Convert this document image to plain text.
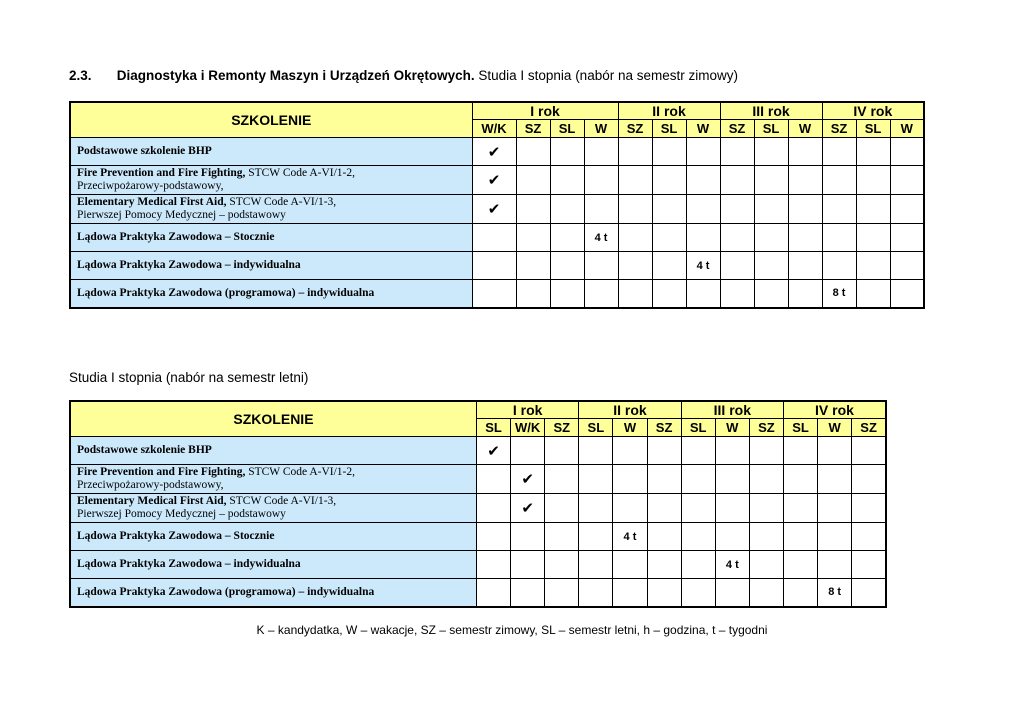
2.3. Diagnostyka i Remonty Maszyn i Urządzeń Okrętowych. Studia I stopnia (nabór na semestr zimowy)
SZKOLENIE	I rok				II rok			III rok			IV rok		
	W/K	SZ	SL	W	SZ	SL	W	SZ	SL	W	SZ	SL	W
Podstawowe szkolenie BHP	✔												
Fire Prevention and Fire Fighting, STCW Code A-VI/1-2,
Przeciwpożarowy-podstawowy,	✔												
Elementary Medical First Aid, STCW Code A-VI/1-3,
Pierwszej Pomocy Medycznej – podstawowy	✔												
Lądowa Praktyka Zawodowa – Stocznie				4 t									
Lądowa Praktyka Zawodowa – indywidualna							4 t						
Lądowa Praktyka Zawodowa (programowa) – indywidualna											8 t		
Studia I stopnia (nabór na semestr letni)
SZKOLENIE	I rok			II rok			III rok			IV rok		
	SL	W/K	SZ	SL	W	SZ	SL	W	SZ	SL	W	SZ
Podstawowe szkolenie BHP	✔											
Fire Prevention and Fire Fighting, STCW Code A-VI/1-2,
Przeciwpożarowy-podstawowy,		✔										
Elementary Medical First Aid, STCW Code A-VI/1-3,
Pierwszej Pomocy Medycznej – podstawowy		✔										
Lądowa Praktyka Zawodowa – Stocznie					4 t							
Lądowa Praktyka Zawodowa – indywidualna								4 t				
Lądowa Praktyka Zawodowa (programowa) – indywidualna											8 t	
K – kandydatka, W – wakacje, SZ – semestr zimowy, SL – semestr letni, h – godzina, t – tygodni
